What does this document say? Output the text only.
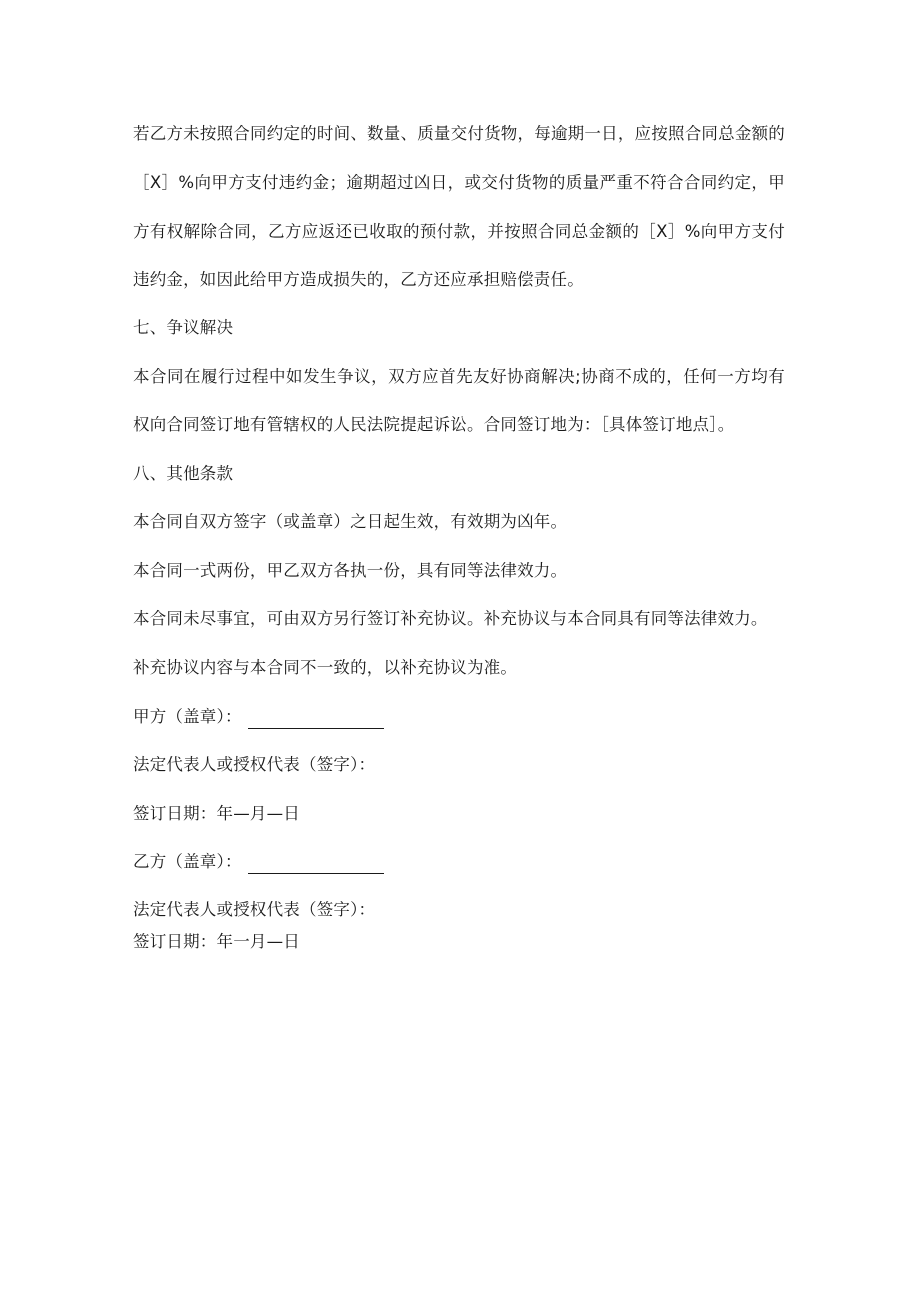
若乙方未按照合同约定的时间、数量、质量交付货物，每逾期一日，应按照合同总金额的
［X］%向甲方支付违约金；逾期超过凶日，或交付货物的质量严重不符合合同约定，甲
方有权解除合同，乙方应返还已收取的预付款，并按照合同总金额的［X］%向甲方支付
违约金，如因此给甲方造成损失的，乙方还应承担赔偿责任。
七、争议解决
本合同在履行过程中如发生争议，双方应首先友好协商解决;协商不成的，任何一方均有
权向合同签订地有管辖权的人民法院提起诉讼。合同签订地为：［具体签订地点］。
八、其他条款
本合同自双方签字（或盖章）之日起生效，有效期为凶年。
本合同一式两份，甲乙双方各执一份，具有同等法律效力。
本合同未尽事宜，可由双方另行签订补充协议。补充协议与本合同具有同等法律效力。
补充协议内容与本合同不一致的，以补充协议为准。
甲方（盖章）：
法定代表人或授权代表（签字）：
签订日期：年—月—日
乙方（盖章）：
法定代表人或授权代表（签字）：
签订日期：年一月—日
